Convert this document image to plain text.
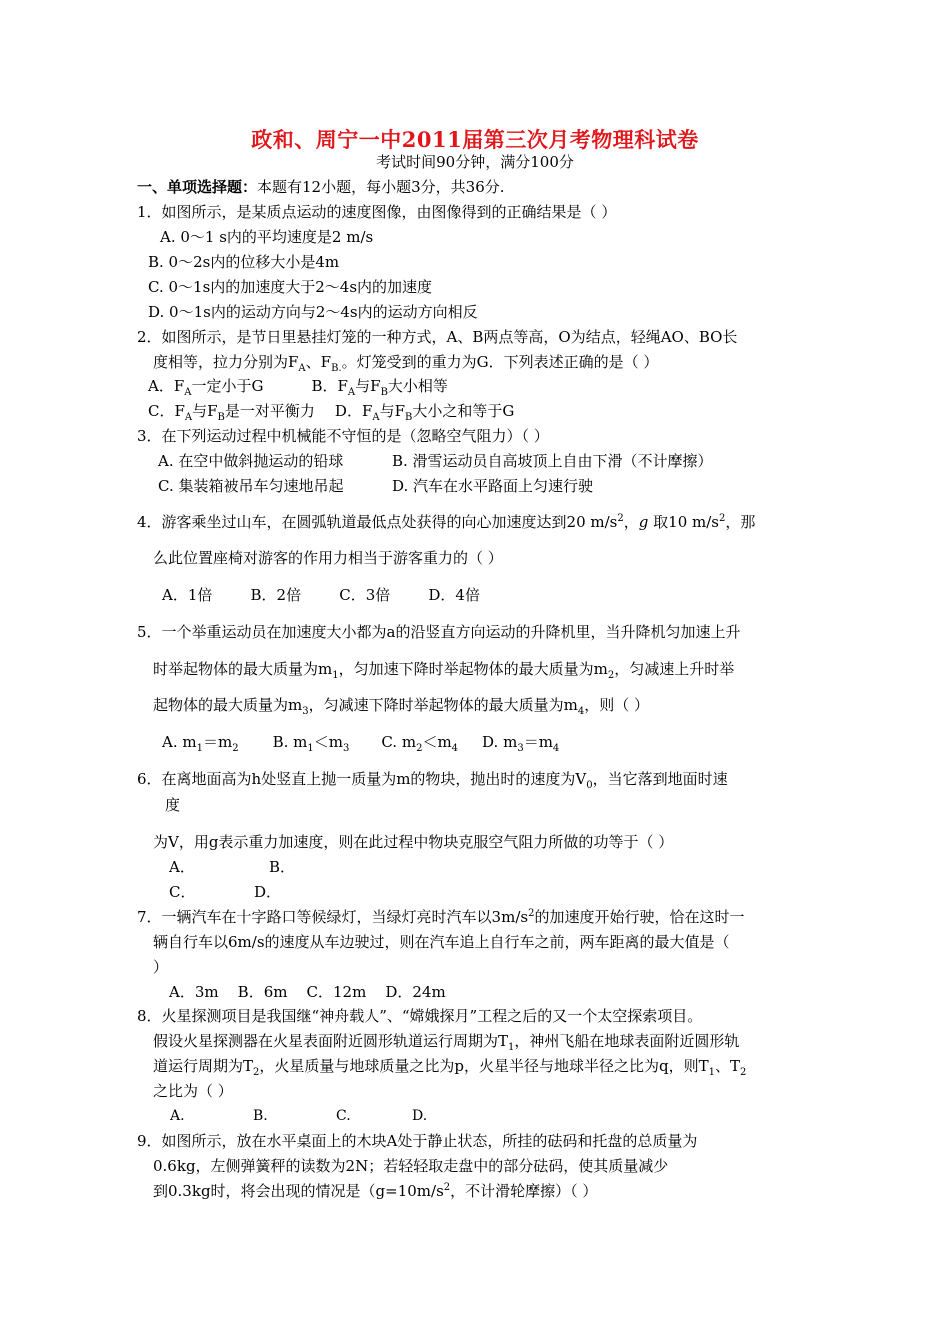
政和、周宁一中2011届第三次月考物理科试卷
考试时间90分钟，满分100分
一、单项选择题：本题有12小题，每小题3分，共36分.
1．如图所示，是某质点运动的速度图像，由图像得到的正确结果是（ ）
A. 0～1 s内的平均速度是2 m/s
B. 0～2s内的位移大小是4m
C. 0～1s内的加速度大于2～4s内的加速度
D. 0～1s内的运动方向与2～4s内的运动方向相反
2．如图所示，是节日里悬挂灯笼的一种方式，A、B两点等高，O为结点，轻绳AO、BO长
度相等，拉力分别为$F_A$、$F_{B.}$。灯笼受到的重力为G．下列表述正确的是（ ）
A．$F_A$一定小于G	B．$F_A$与$F_B$大小相等
C．$F_A$与$F_B$是一对平衡力 D．$F_A$与$F_B$大小之和等于G
3．在下列运动过程中机械能不守恒的是（忽略空气阻力）（ ）
A. 在空中做斜抛运动的铅球	B. 滑雪运动员自高坡顶上自由下滑（不计摩擦）
C. 集装箱被吊车匀速地吊起	D. 汽车在水平路面上匀速行驶
4．游客乘坐过山车，在圆弧轨道最低点处获得的向心加速度达到20 $m/s^2$，g 取10 $m/s^2$，那
么此位置座椅对游客的作用力相当于游客重力的（ ）
A．1倍        B．2倍        C．3倍        D．4倍
5．一个举重运动员在加速度大小都为a的沿竖直方向运动的升降机里，当升降机匀加速上升
时举起物体的最大质量为$m_1$，匀加速下降时举起物体的最大质量为$m_2$，匀减速上升时举
起物体的最大质量为$m_3$，匀减速下降时举起物体的最大质量为$m_4$，则（ ）
A. $m_1=m_2$ B. $m_1<m_3$ C. $m_2<m_4$ D. $m_3=m_4$
6．在离地面高为h处竖直上抛一质量为m的物块，抛出时的速度为$V_0$，当它落到地面时速
度
为V，用g表示重力加速度，则在此过程中物块克服空气阻力所做的功等于（ ）
A．	B．
C．	D．
7．一辆汽车在十字路口等候绿灯，当绿灯亮时汽车以$3m/s^2$的加速度开始行驶，恰在这时一
辆自行车以6m/s的速度从车边驶过，则在汽车追上自行车之前，两车距离的最大值是（
）
A．3m    B．6m    C．12m    D．24m
8．火星探测项目是我国继“神舟载人”、“嫦娥探月”工程之后的又一个太空探索项目。
假设火星探测器在火星表面附近圆形轨道运行周期为$T_1$，神州飞船在地球表面附近圆形轨
道运行周期为$T_2$，火星质量与地球质量之比为p，火星半径与地球半径之比为q，则$T_1$、$T_2$
之比为（ ）
A.	B.	C.	D.
9．如图所示，放在水平桌面上的木块A处于静止状态，所挂的砝码和托盘的总质量为
0.6kg，左侧弹簧秤的读数为2N；若轻轻取走盘中的部分砝码，使其质量减少
到0.3kg时，将会出现的情况是（$g=10m/s^2$，不计滑轮摩擦）（ ）
